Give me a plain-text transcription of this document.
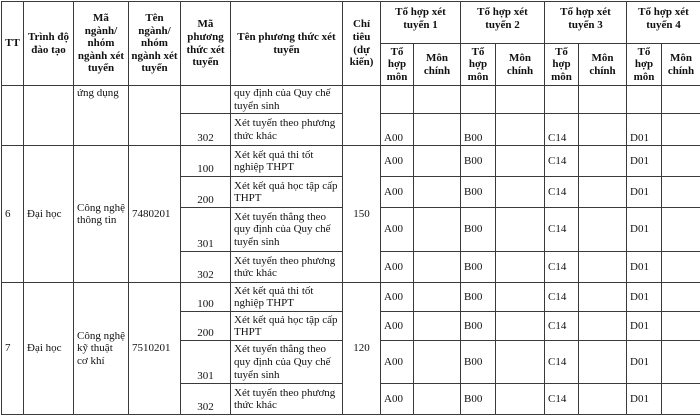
TT	Trình độ đào tạo	Mã ngành/ nhóm ngành xét tuyển	Tên ngành/ nhóm ngành xét tuyển	Mã phương thức xét tuyển	Tên phương thức xét tuyển	Chỉ tiêu (dự kiến)	Tổ hợp xét tuyển 1		Tổ hợp xét tuyển 2		Tổ hợp xét tuyển 3		Tổ hợp xét tuyển 4	
							Tổ hợp môn	Môn chính	Tổ hợp môn	Môn chính	Tổ hợp môn	Môn chính	Tổ hợp môn	Môn chính
		ứng dụng			quy định của Quy chế tuyển sinh									
				302	Xét tuyển theo phương thức khác		A00		B00		C14		D01	
6	Đại học	Công nghệ thông tin	7480201	100	Xét kết quả thi tốt nghiệp THPT	150	A00		B00		C14		D01	
				200	Xét kết quả học tập cấp THPT		A00		B00		C14		D01	
				301	Xét tuyển thẳng theo quy định của Quy chế tuyển sinh		A00		B00		C14		D01	
				302	Xét tuyển theo phương thức khác		A00		B00		C14		D01	
7	Đại học	Công nghệ kỹ thuật cơ khí	7510201	100	Xét kết quả thi tốt nghiệp THPT	120	A00		B00		C14		D01	
				200	Xét kết quả học tập cấp THPT		A00		B00		C14		D01	
				301	Xét tuyển thẳng theo quy định của Quy chế tuyển sinh		A00		B00		C14		D01	
				302	Xét tuyển theo phương thức khác		A00		B00		C14		D01	
